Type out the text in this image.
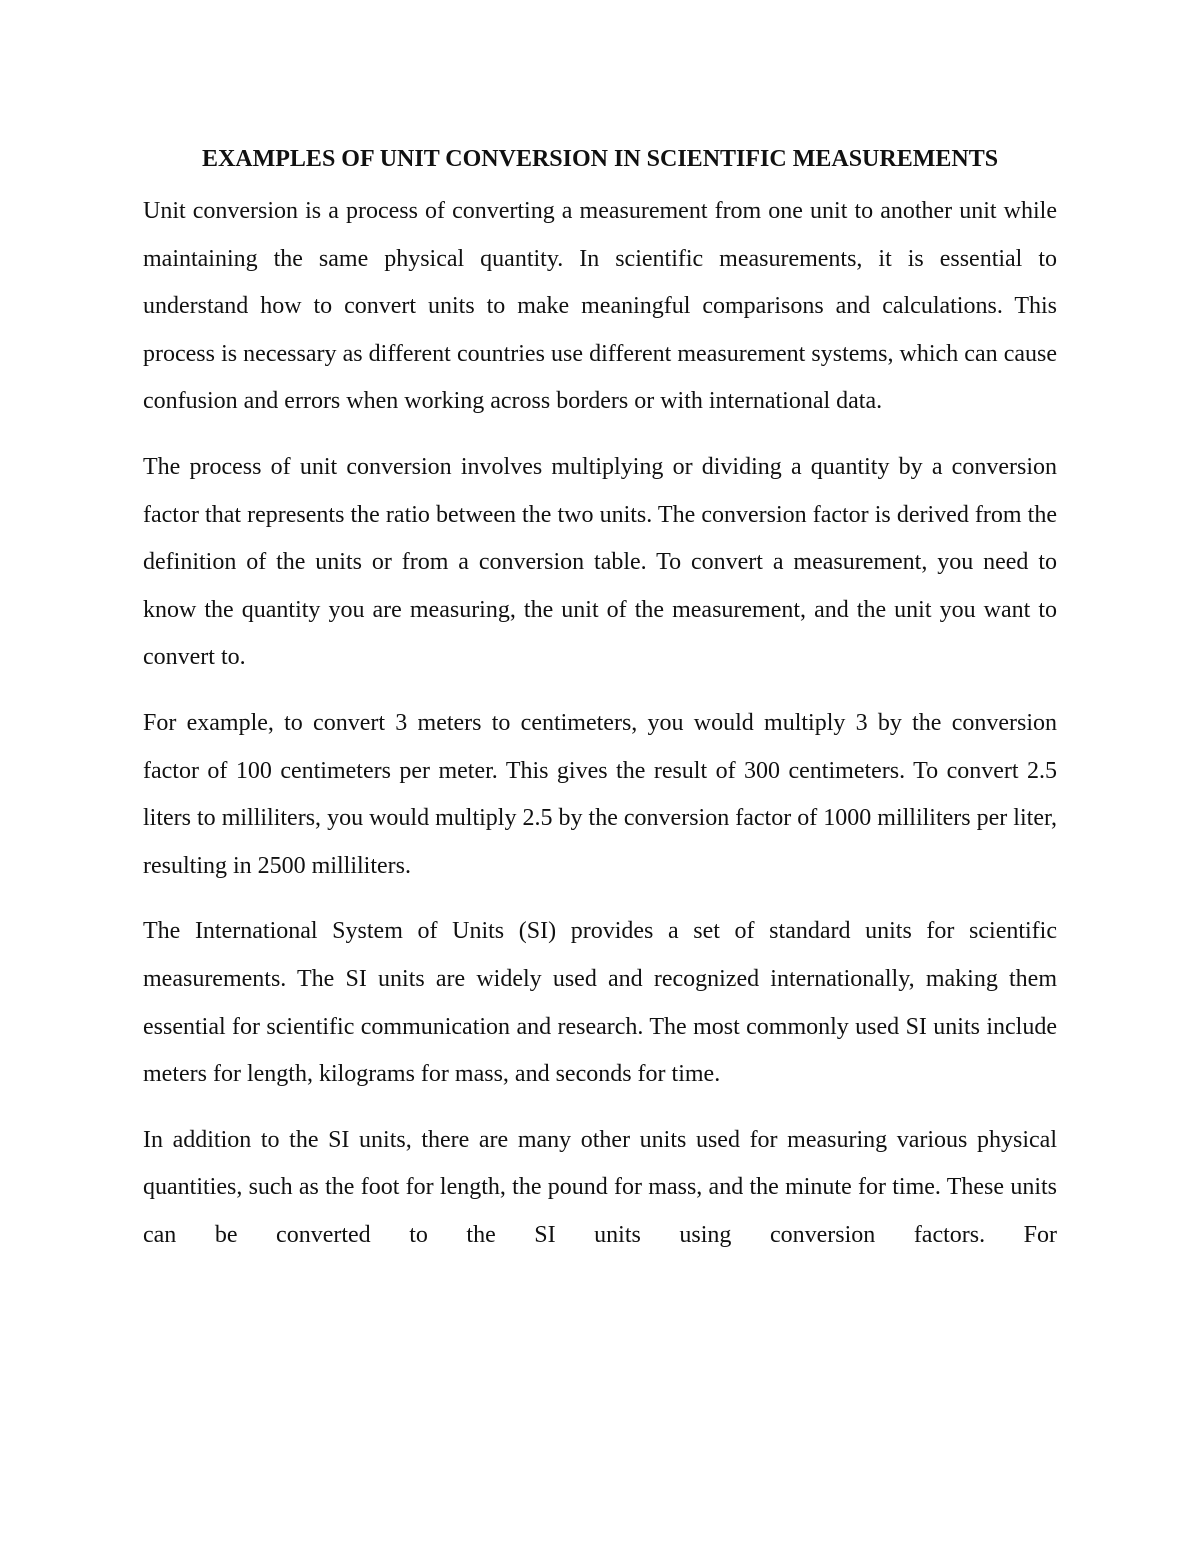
EXAMPLES OF UNIT CONVERSION IN SCIENTIFIC MEASUREMENTS

Unit conversion is a process of converting a measurement from one unit to another unit while maintaining the same physical quantity. In scientific measurements, it is essential to understand how to convert units to make meaningful comparisons and calculations. This process is necessary as different countries use different measurement systems, which can cause confusion and errors when working across borders or with international data.

The process of unit conversion involves multiplying or dividing a quantity by a conversion factor that represents the ratio between the two units. The conversion factor is derived from the definition of the units or from a conversion table. To convert a measurement, you need to know the quantity you are measuring, the unit of the measurement, and the unit you want to convert to.

For example, to convert 3 meters to centimeters, you would multiply 3 by the conversion factor of 100 centimeters per meter. This gives the result of 300 centimeters. To convert 2.5 liters to milliliters, you would multiply 2.5 by the conversion factor of 1000 milliliters per liter, resulting in 2500 milliliters.

The International System of Units (SI) provides a set of standard units for scientific measurements. The SI units are widely used and recognized internationally, making them essential for scientific communication and research. The most commonly used SI units include meters for length, kilograms for mass, and seconds for time.

In addition to the SI units, there are many other units used for measuring various physical quantities, such as the foot for length, the pound for mass, and the minute for time. These units can be converted to the SI units using conversion factors. For
